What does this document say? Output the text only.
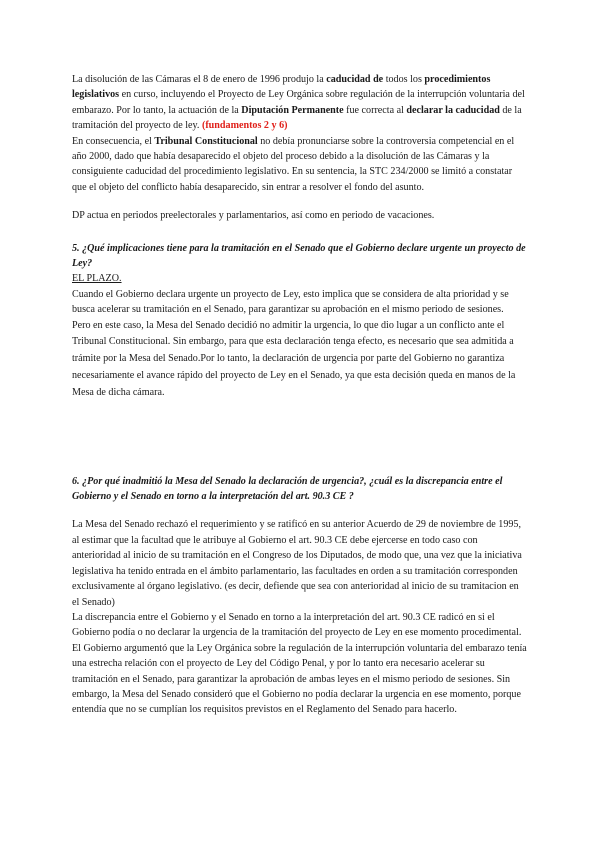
La disolución de las Cámaras el 8 de enero de 1996 produjo la caducidad de todos los procedimientos legislativos en curso, incluyendo el Proyecto de Ley Orgánica sobre regulación de la interrupción voluntaria del embarazo. Por lo tanto, la actuación de la Diputación Permanente fue correcta al declarar la caducidad de la tramitación del proyecto de ley. (fundamentos 2 y 6)

En consecuencia, el Tribunal Constitucional no debía pronunciarse sobre la controversia competencial en el año 2000, dado que había desaparecido el objeto del proceso debido a la disolución de las Cámaras y la consiguiente caducidad del procedimiento legislativo. En su sentencia, la STC 234/2000 se limitó a constatar que el objeto del conflicto había desaparecido, sin entrar a resolver el fondo del asunto.

DP actua en periodos preelectorales y parlamentarios, así como en periodo de vacaciones.

5. ¿Qué implicaciones tiene para la tramitación en el Senado que el Gobierno declare urgente un proyecto de Ley?

EL PLAZO.

Cuando el Gobierno declara urgente un proyecto de Ley, esto implica que se considera de alta prioridad y se busca acelerar su tramitación en el Senado, para garantizar su aprobación en el mismo periodo de sesiones.

Pero en este caso, la Mesa del Senado decidió no admitir la urgencia, lo que dio lugar a un conflicto ante el Tribunal Constitucional. Sin embargo, para que esta declaración tenga efecto, es necesario que sea admitida a trámite por la Mesa del Senado.Por lo tanto, la declaración de urgencia por parte del Gobierno no garantiza necesariamente el avance rápido del proyecto de Ley en el Senado, ya que esta decisión queda en manos de la Mesa de dicha cámara.

6. ¿Por qué inadmitió la Mesa del Senado la declaración de urgencia?, ¿cuál es la discrepancia entre el Gobierno y el Senado en torno a la interpretación del art. 90.3 CE ?

La Mesa del Senado rechazó el requerimiento y se ratificó en su anterior Acuerdo de 29 de noviembre de 1995, al estimar que la facultad que le atribuye al Gobierno el art. 90.3 CE debe ejercerse en todo caso con anterioridad al inicio de su tramitación en el Congreso de los Diputados, de modo que, una vez que la iniciativa legislativa ha tenido entrada en el ámbito parlamentario, las facultades en orden a su tramitación corresponden exclusivamente al órgano legislativo. (es decir, defiende que sea con anterioridad al inicio de su tramitacion en el Senado)

La discrepancia entre el Gobierno y el Senado en torno a la interpretación del art. 90.3 CE radicó en si el Gobierno podía o no declarar la urgencia de la tramitación del proyecto de Ley en ese momento procedimental. El Gobierno argumentó que la Ley Orgánica sobre la regulación de la interrupción voluntaria del embarazo tenía una estrecha relación con el proyecto de Ley del Código Penal, y por lo tanto era necesario acelerar su tramitación en el Senado, para garantizar la aprobación de ambas leyes en el mismo periodo de sesiones. Sin embargo, la Mesa del Senado consideró que el Gobierno no podía declarar la urgencia en ese momento, porque entendía que no se cumplían los requisitos previstos en el Reglamento del Senado para hacerlo.
